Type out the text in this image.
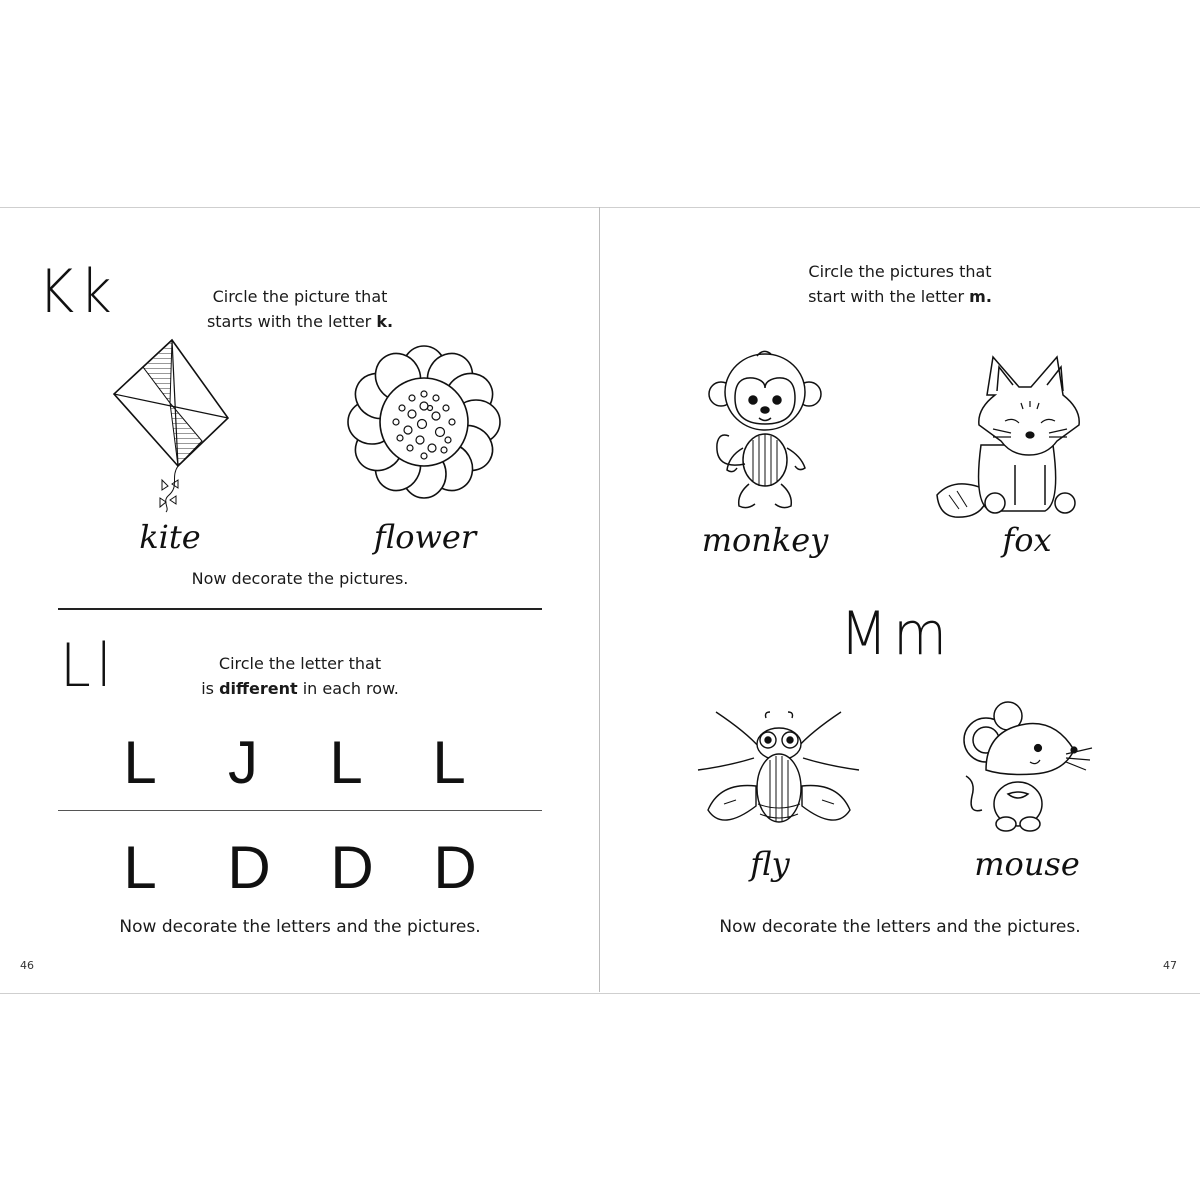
Kk	Circle the picture that
starts with the letter k.
kite	flower
Now decorate the pictures.
Ll	Circle the letter that
is different in each row.
L J L L
L D D D
Now decorate the letters and the pictures.
46
Circle the pictures that
start with the letter m.
monkey	fox
Mm
fly	mouse
Now decorate the letters and the pictures.
47
